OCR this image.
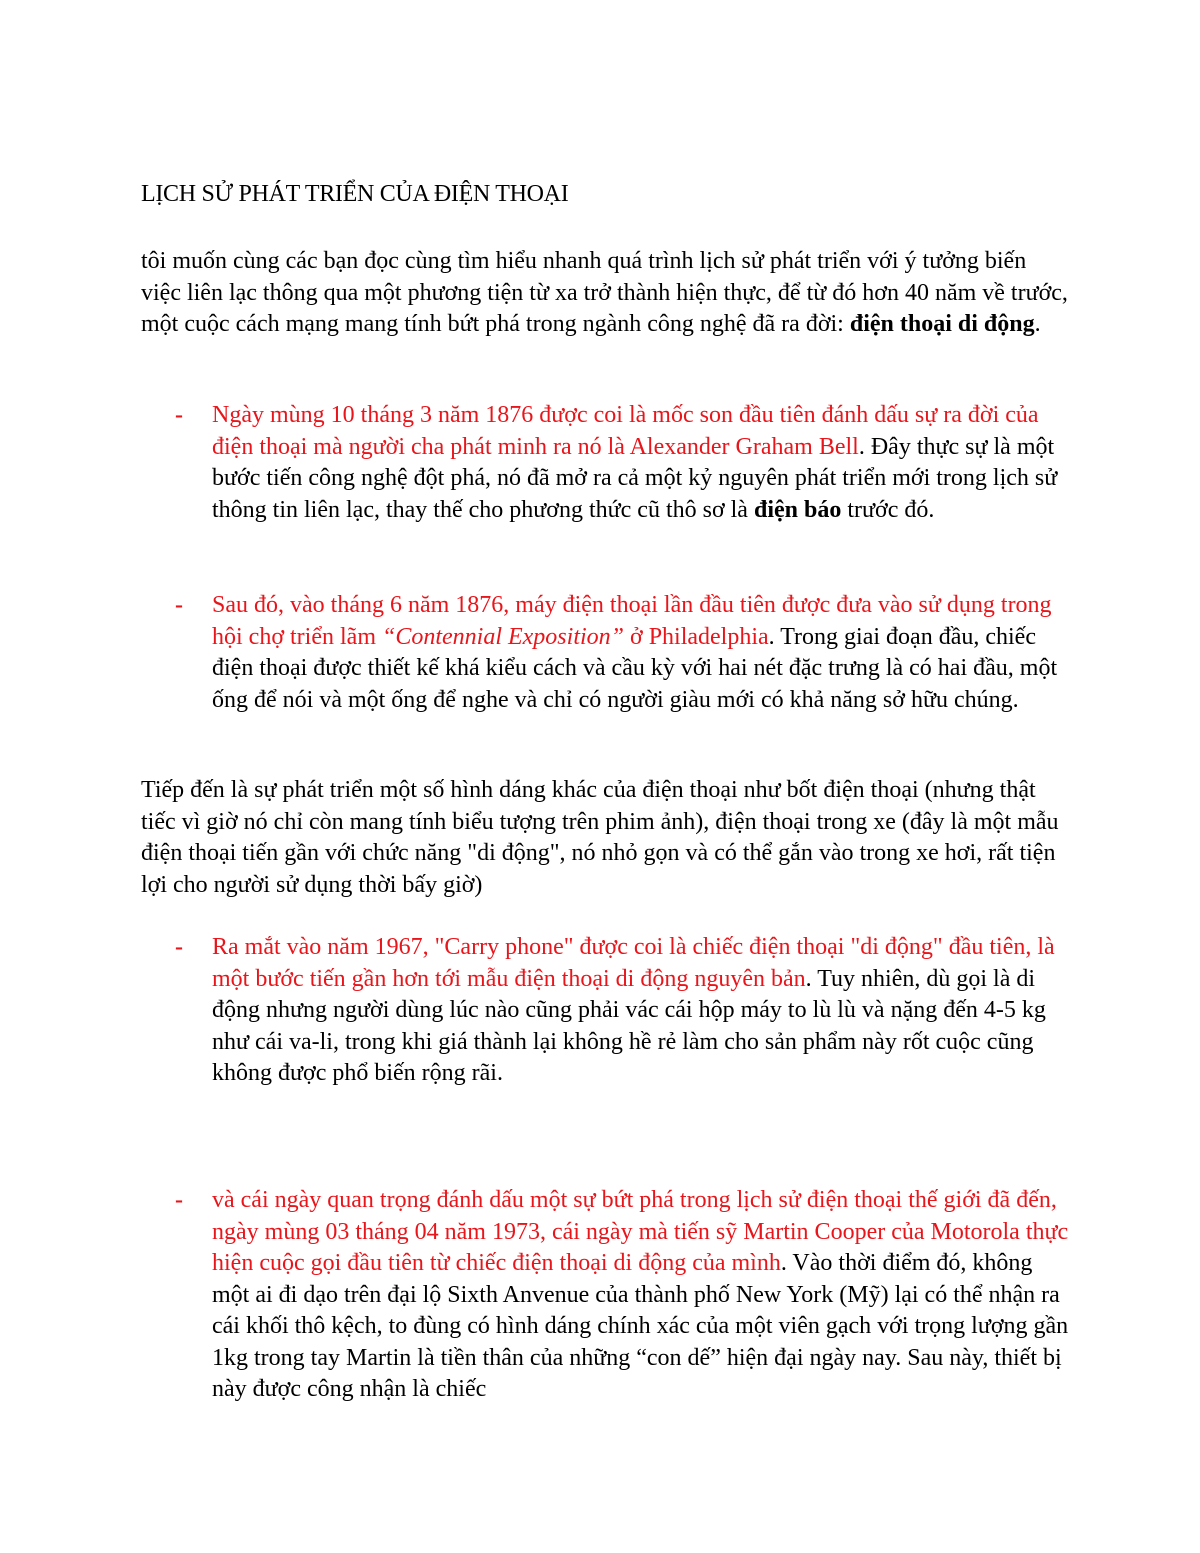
LỊCH SỬ PHÁT TRIỂN CỦA ĐIỆN THOẠI

tôi muốn cùng các bạn đọc cùng tìm hiểu nhanh quá trình lịch sử phát triển với ý tưởng biến việc liên lạc thông qua một phương tiện từ xa trở thành hiện thực, để từ đó hơn 40 năm về trước, một cuộc cách mạng mang tính bứt phá trong ngành công nghệ đã ra đời: điện thoại di động.

- Ngày mùng 10 tháng 3 năm 1876 được coi là mốc son đầu tiên đánh dấu sự ra đời của điện thoại mà người cha phát minh ra nó là Alexander Graham Bell. Đây thực sự là một bước tiến công nghệ đột phá, nó đã mở ra cả một kỷ nguyên phát triển mới trong lịch sử thông tin liên lạc, thay thế cho phương thức cũ thô sơ là điện báo trước đó.
- Sau đó, vào tháng 6 năm 1876, máy điện thoại lần đầu tiên được đưa vào sử dụng trong hội chợ triển lãm “Contennial Exposition” ở Philadelphia. Trong giai đoạn đầu, chiếc điện thoại được thiết kế khá kiểu cách và cầu kỳ với hai nét đặc trưng là có hai đầu, một ống để nói và một ống để nghe và chỉ có người giàu mới có khả năng sở hữu chúng.

Tiếp đến là sự phát triển một số hình dáng khác của điện thoại như bốt điện thoại (nhưng thật tiếc vì giờ nó chỉ còn mang tính biểu tượng trên phim ảnh), điện thoại trong xe (đây là một mẫu điện thoại tiến gần với chức năng "di động", nó nhỏ gọn và có thể gắn vào trong xe hơi, rất tiện lợi cho người sử dụng thời bấy giờ)

- Ra mắt vào năm 1967, "Carry phone" được coi là chiếc điện thoại "di động" đầu tiên, là một bước tiến gần hơn tới mẫu điện thoại di động nguyên bản. Tuy nhiên, dù gọi là di động nhưng người dùng lúc nào cũng phải vác cái hộp máy to lù lù và nặng đến 4-5 kg như cái va-li, trong khi giá thành lại không hề rẻ làm cho sản phẩm này rốt cuộc cũng không được phổ biến rộng rãi.
- và cái ngày quan trọng đánh dấu một sự bứt phá trong lịch sử điện thoại thế giới đã đến, ngày mùng 03 tháng 04 năm 1973, cái ngày mà tiến sỹ Martin Cooper của Motorola thực hiện cuộc gọi đầu tiên từ chiếc điện thoại di động của mình. Vào thời điểm đó, không một ai đi dạo trên đại lộ Sixth Anvenue của thành phố New York (Mỹ) lại có thể nhận ra cái khối thô kệch, to đùng có hình dáng chính xác của một viên gạch với trọng lượng gần 1kg trong tay Martin là tiền thân của những “con dế” hiện đại ngày nay. Sau này, thiết bị này được công nhận là chiếc
